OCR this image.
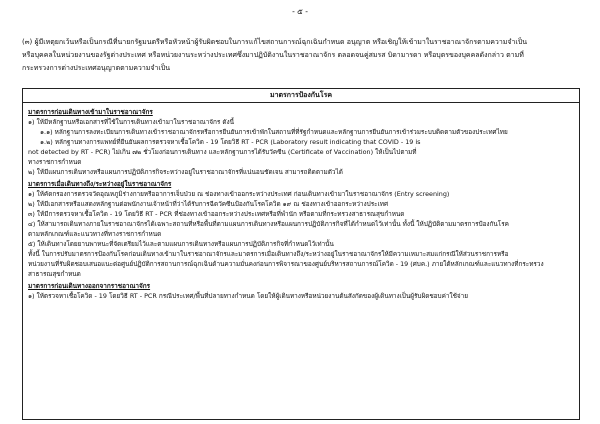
- ๕ -

(๓) ผู้มีเหตุยกเว้นหรือเป็นกรณีที่นายกรัฐมนตรีหรือหัวหน้าผู้รับผิดชอบในการแก้ไขสถานการณ์ฉุกเฉินกำหนด อนุญาต หรือเชิญให้เข้ามาในราชอาณาจักรตามความจำเป็น

หรือบุคคลในหน่วยงานของรัฐต่างประเทศ หรือหน่วยงานระหว่างประเทศซึ่งมาปฏิบัติงานในราชอาณาจักร ตลอดจนคู่สมรส บิดามารดา หรือบุตรของบุคคลดังกล่าว ตามที่

กระทรวงการต่างประเทศอนุญาตตามความจำเป็น

มาตรการป้องกันโรค
มาตรการก่อนเดินทางเข้ามาในราชอาณาจักร
๑) ให้มีหลักฐานหรือเอกสารที่ใช้ในการเดินทางเข้ามาในราชอาณาจักร ดังนี้
๑.๑) หลักฐานการลงทะเบียนการเดินทางเข้าราชอาณาจักรหรือการยืนยันการเข้าพักในสถานที่ที่รัฐกำหนดและหลักฐานการยืนยันการเข้าร่วมระบบติดตามตัวของประเทศไทย
๑.๒) หลักฐานทางการแพทย์ที่ยืนยันผลการตรวจหาเชื้อโควิด - 19 โดยวิธี RT - PCR (Laboratory result indicating that COVID - 19 is
not detected by RT - PCR) ไม่เกิน ๗๒ ชั่วโมงก่อนการเดินทาง และหลักฐานการได้รับวัคซีน (Certificate of Vaccination) ให้เป็นไปตามที่
ทางราชการกำหนด
๒) ให้มีแผนการเดินทางหรือแผนการปฏิบัติภารกิจระหว่างอยู่ในราชอาณาจักรที่แน่นอนชัดเจน สามารถติดตามตัวได้
มาตรการเมื่อเดินทางถึง/ระหว่างอยู่ในราชอาณาจักร
๑) ให้คัดกรองการตรวจวัดอุณหภูมิร่างกายหรืออาการเจ็บป่วย ณ ช่องทางเข้าออกระหว่างประเทศ ก่อนเดินทางเข้ามาในราชอาณาจักร (Entry screening)
๒) ให้มีเอกสารหรือแสดงหลักฐานต่อพนักงานเจ้าหน้าที่ว่าได้รับการฉีดวัคซีนป้องกันโรคโควิด ๑๙ ณ ช่องทางเข้าออกระหว่างประเทศ
๓) ให้มีการตรวจหาเชื้อโควิด - 19 โดยวิธี RT - PCR ที่ช่องทางเข้าออกระหว่างประเทศหรือที่พำนัก หรือตามที่กระทรวงสาธารณสุขกำหนด
๔) ให้สามารถเดินทางภายในราชอาณาจักรได้เฉพาะสถานที่หรือพื้นที่ตามแผนการเดินทางหรือแผนการปฏิบัติภารกิจที่ได้กำหนดไว้เท่านั้น ทั้งนี้ ให้ปฏิบัติตามมาตรการป้องกันโรค
ตามหลักเกณฑ์และแนวทางที่ทางราชการกำหนด
๕) ให้เดินทางโดยยานพาหนะที่จัดเตรียมไว้และตามแผนการเดินทางหรือแผนการปฏิบัติภารกิจที่กำหนดไว้เท่านั้น
ทั้งนี้ ในการปรับมาตรการป้องกันโรคก่อนเดินทางเข้ามาในราชอาณาจักรและมาตรการเมื่อเดินทางถึง/ระหว่างอยู่ในราชอาณาจักรให้มีความเหมาะสมแก่กรณีให้ส่วนราชการหรือ
หน่วยงานที่รับผิดชอบเสนอแนะต่อศูนย์ปฏิบัติการสถานการณ์ฉุกเฉินด้านความมั่นคงก่อนการพิจารณาของศูนย์บริหารสถานการณ์โควิด - 19 (ศบค.) ภายใต้หลักเกณฑ์และแนวทางที่กระทรวง
สาธารณสุขกำหนด
มาตรการก่อนเดินทางออกจากราชอาณาจักร
๑) ให้ตรวจหาเชื้อโควิด - 19 โดยวิธี RT - PCR กรณีประเทศ/พื้นที่ปลายทางกำหนด โดยให้ผู้เดินทางหรือหน่วยงานต้นสังกัดของผู้เดินทางเป็นผู้รับผิดชอบค่าใช้จ่าย
